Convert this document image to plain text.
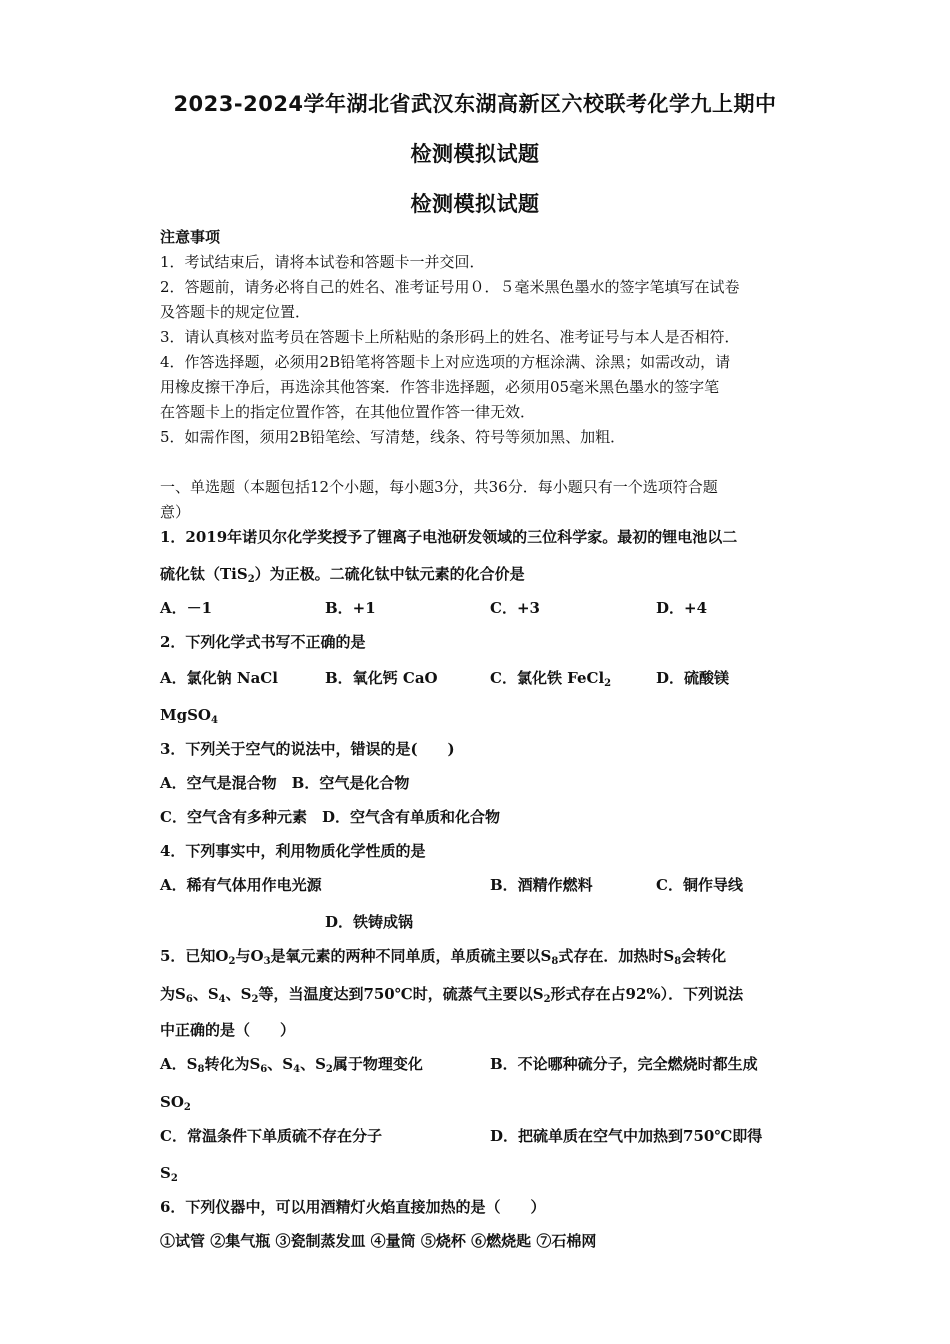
2023-2024学年湖北省武汉东湖高新区六校联考化学九上期中
检测模拟试题
检测模拟试题
注意事项
1．考试结束后，请将本试卷和答题卡一并交回．
2．答题前，请务必将自己的姓名、准考证号用０．５毫米黑色墨水的签字笔填写在试卷
及答题卡的规定位置．
3．请认真核对监考员在答题卡上所粘贴的条形码上的姓名、准考证号与本人是否相符．
4．作答选择题，必须用2B铅笔将答题卡上对应选项的方框涂满、涂黑；如需改动，请
用橡皮擦干净后，再选涂其他答案．作答非选择题，必须用05毫米黑色墨水的签字笔
在答题卡上的指定位置作答，在其他位置作答一律无效．
5．如需作图，须用2B铅笔绘、写清楚，线条、符号等须加黑、加粗．
一、单选题（本题包括12个小题，每小题3分，共36分．每小题只有一个选项符合题
意）
1．2019年诺贝尔化学奖授予了锂离子电池研发领域的三位科学家。最初的锂电池以二
硫化钛（TiS$_2$）为正极。二硫化钛中钛元素的化合价是
A．－1	B．+1	C．+3	D．+4
2．下列化学式书写不正确的是
A．氯化钠 NaCl	B．氧化钙 CaO	C．氯化铁 FeCl$_2$	D．硫酸镁
MgSO$_4$
3．下列关于空气的说法中，错误的是(　　)
A．空气是混合物　B．空气是化合物
C．空气含有多种元素　D．空气含有单质和化合物
4．下列事实中，利用物质化学性质的是
A．稀有气体用作电光源	B．酒精作燃料	C．铜作导线
D．铁铸成锅
5．已知$O_2$与$O_3$是氧元素的两种不同单质，单质硫主要以$S_8$式存在．加热时$S_8$会转化
为$S_6$、$S_4$、$S_2$等，当温度达到750℃时，硫蒸气主要以$S_2$形式存在占92%）．下列说法
中正确的是（　　）
A．$S_8$转化为$S_6$、$S_4$、$S_2$属于物理变化	B．不论哪种硫分子，完全燃烧时都生成
$SO_2$
C．常温条件下单质硫不存在分子	D．把硫单质在空气中加热到750℃即得
$S_2$
6．下列仪器中，可以用酒精灯火焰直接加热的是（　　）
①试管 ②集气瓶 ③瓷制蒸发皿 ④量筒 ⑤烧杯 ⑥燃烧匙 ⑦石棉网
